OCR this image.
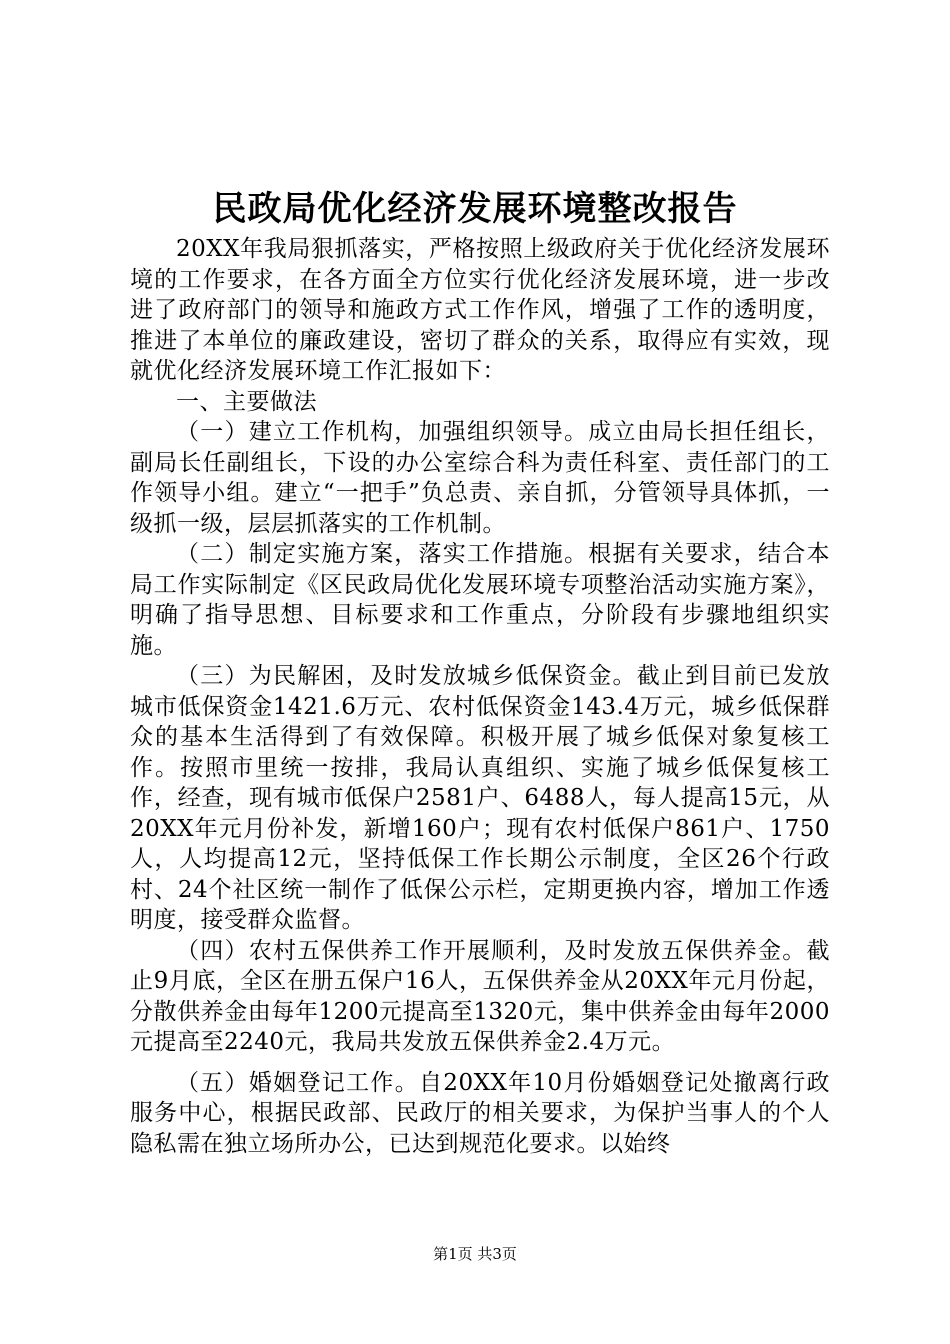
民政局优化经济发展环境整改报告

20XX年我局狠抓落实，严格按照上级政府关于优化经济发展环境的工作要求，在各方面全方位实行优化经济发展环境，进一步改进了政府部门的领导和施政方式工作作风，增强了工作的透明度，推进了本单位的廉政建设，密切了群众的关系，取得应有实效，现就优化经济发展环境工作汇报如下：

一、主要做法

（一）建立工作机构，加强组织领导。成立由局长担任组长，副局长任副组长，下设的办公室综合科为责任科室、责任部门的工作领导小组。建立“一把手”负总责、亲自抓，分管领导具体抓，一级抓一级，层层抓落实的工作机制。

（二）制定实施方案，落实工作措施。根据有关要求，结合本局工作实际制定《区民政局优化发展环境专项整治活动实施方案》，明确了指导思想、目标要求和工作重点，分阶段有步骤地组织实施。

（三）为民解困，及时发放城乡低保资金。截止到目前已发放城市低保资金1421.6万元、农村低保资金143.4万元，城乡低保群众的基本生活得到了有效保障。积极开展了城乡低保对象复核工作。按照市里统一按排，我局认真组织、实施了城乡低保复核工作，经查，现有城市低保户2581户、6488人，每人提高15元，从20XX年元月份补发，新增160户；现有农村低保户861户、1750人，人均提高12元，坚持低保工作长期公示制度，全区26个行政村、24个社区统一制作了低保公示栏，定期更换内容，增加工作透明度，接受群众监督。

（四）农村五保供养工作开展顺利，及时发放五保供养金。截止9月底，全区在册五保户16人，五保供养金从20XX年元月份起，分散供养金由每年1200元提高至1320元，集中供养金由每年2000元提高至2240元，我局共发放五保供养金2.4万元。

（五）婚姻登记工作。自20XX年10月份婚姻登记处撤离行政服务中心，根据民政部、民政厅的相关要求，为保护当事人的个人隐私需在独立场所办公，已达到规范化要求。以始终

第1页 共3页
